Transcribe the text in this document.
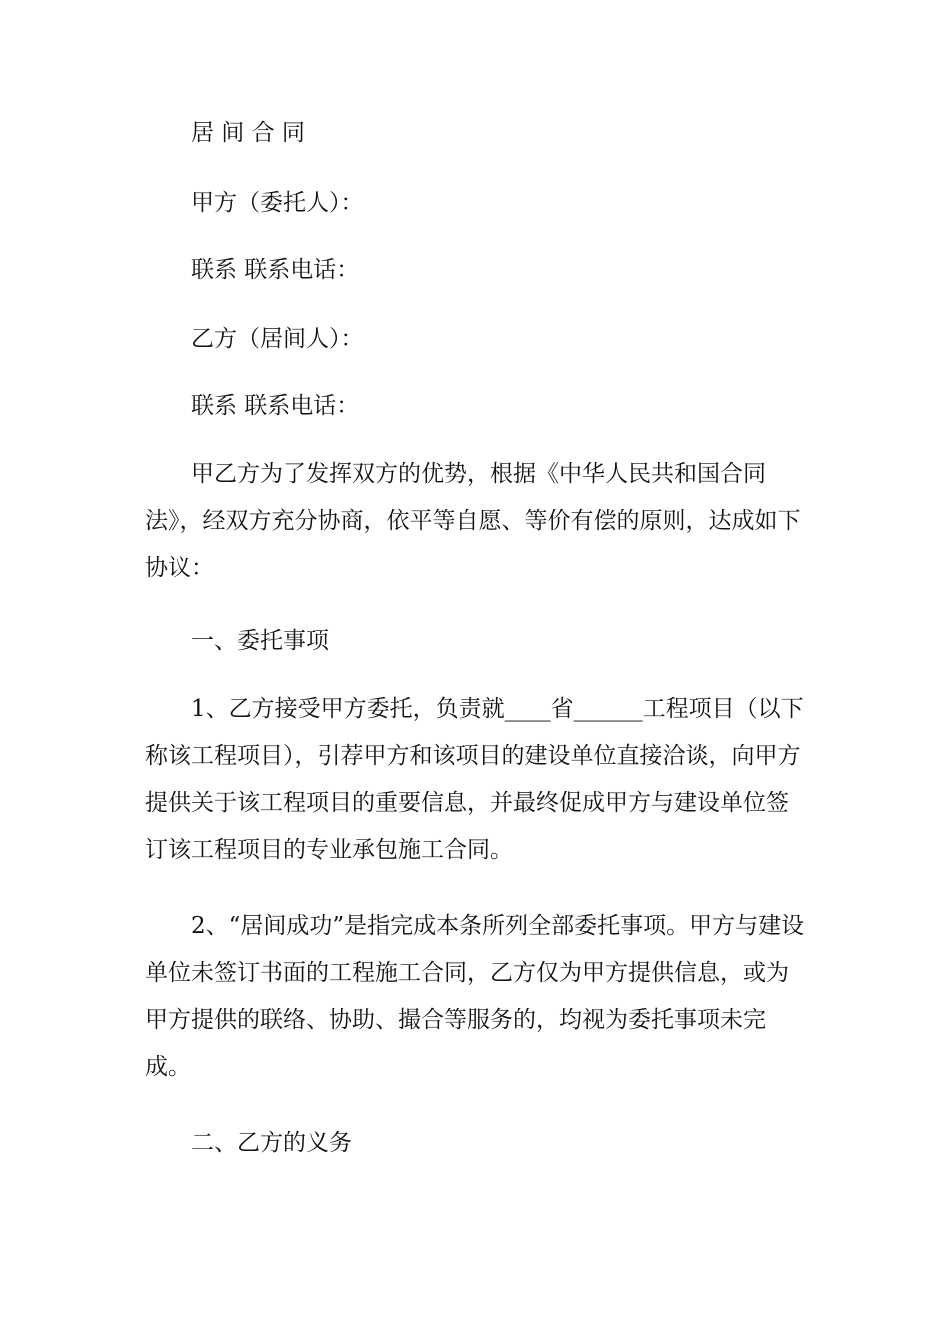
居 间 合 同

甲方（委托人）：

联系 联系电话：

乙方（居间人）：

联系 联系电话：

甲乙方为了发挥双方的优势，根据《中华人民共和国合同法》，经双方充分协商，依平等自愿、等价有偿的原则，达成如下协议：

一、委托事项

1、乙方接受甲方委托，负责就____省______工程项目（以下称该工程项目），引荐甲方和该项目的建设单位直接洽谈，向甲方提供关于该工程项目的重要信息，并最终促成甲方与建设单位签订该工程项目的专业承包施工合同。

2、“居间成功”是指完成本条所列全部委托事项。甲方与建设单位未签订书面的工程施工合同，乙方仅为甲方提供信息，或为甲方提供的联络、协助、撮合等服务的，均视为委托事项未完成。

二、乙方的义务
